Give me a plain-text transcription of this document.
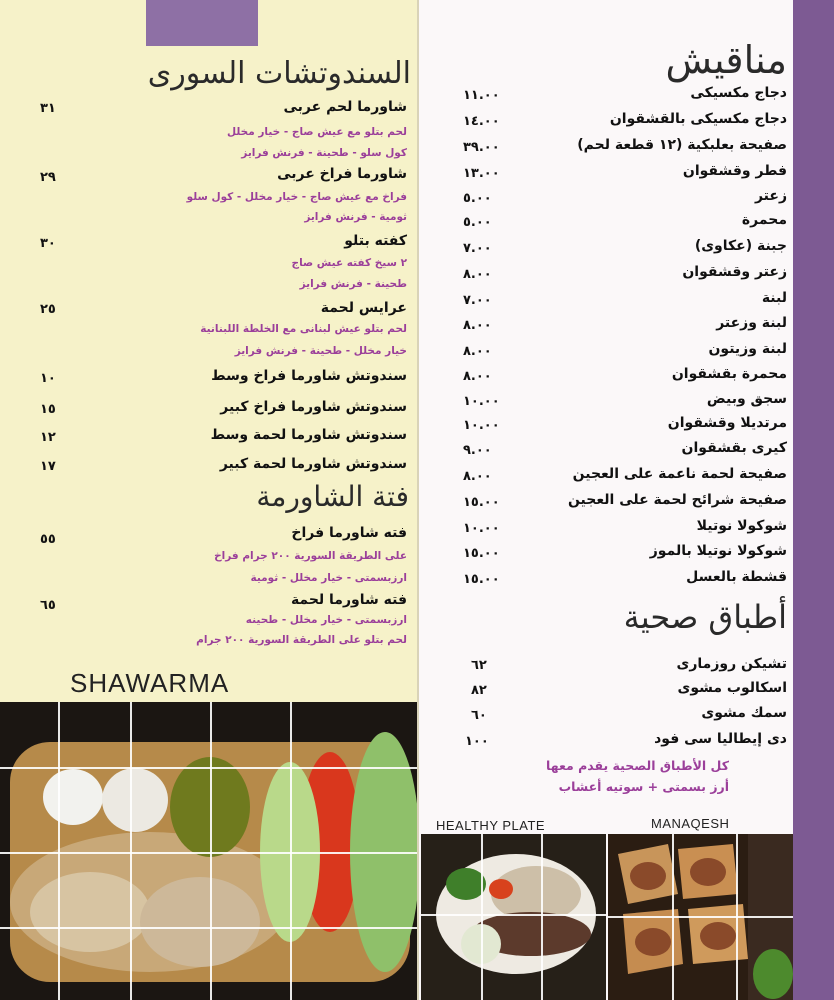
السندوتشات السورى
شاورما لحم عربى
٣١
لحم بتلو مع عيش صاج - خيار مخلل
كول سلو - طحينة - فرنش فرايز
شاورما فراخ عربى
٢٩
فراخ مع عيش صاج - خيار مخلل - كول سلو
ثومية - فرنش فرايز
كفته بتلو
٣٠
٢ سيخ كفته عيش صاج
طحينة - فرنش فرايز
عرايس لحمة
٢٥
لحم بتلو عيش لبنانى مع الخلطة اللبنانية
خيار مخلل - طحينة - فرنش فرايز
سندوتش شاورما فراخ وسط
١٠
سندوتش شاورما فراخ كبير
١٥
سندوتش شاورما لحمة وسط
١٢
سندوتش شاورما لحمة كبير
١٧
فتة الشاورمة
فته شاورما فراخ
٥٥
على الطريقة السورية ٢٠٠ جرام فراخ
ارزبسمتى - خيار مخلل - ثومية
فته شاورما لحمة
٦٥
ارزبسمتى - خيار مخلل - طحينه
لحم بتلو على الطريقة السورية ٢٠٠ جرام
SHAWARMA
مناقيش
دجاج مكسيكى
١١.٠٠
دجاج مكسيكى بالقشقوان
١٤.٠٠
صفيحة بعلبكية (١٢ قطعة لحم)
٣٩.٠٠
فطر وقشقوان
١٣.٠٠
زعتر
٥.٠٠
محمرة
٥.٠٠
جبنة (عكاوى)
٧.٠٠
زعتر وقشقوان
٨.٠٠
لبنة
٧.٠٠
لبنة وزعتر
٨.٠٠
لبنة وزيتون
٨.٠٠
محمرة بقشقوان
٨.٠٠
سجق وبيض
١٠.٠٠
مرتديلا وقشقوان
١٠.٠٠
كيرى بقشقوان
٩.٠٠
صفيحة لحمة ناعمة على العجين
٨.٠٠
صفيحة شرائح لحمة على العجين
١٥.٠٠
شوكولا نوتيلا
١٠.٠٠
شوكولا نوتيلا بالموز
١٥.٠٠
قشطة بالعسل
١٥.٠٠
أطباق صحية
تشيكن روزمارى
٦٢
اسكالوب مشوى
٨٢
سمك مشوى
٦٠
دى إيطاليا سى فود
١٠٠
كل الأطباق الصحية يقدم معها
أرز بسمتى + سوتيه أعشاب
HEALTHY PLATE	MANAQESH
